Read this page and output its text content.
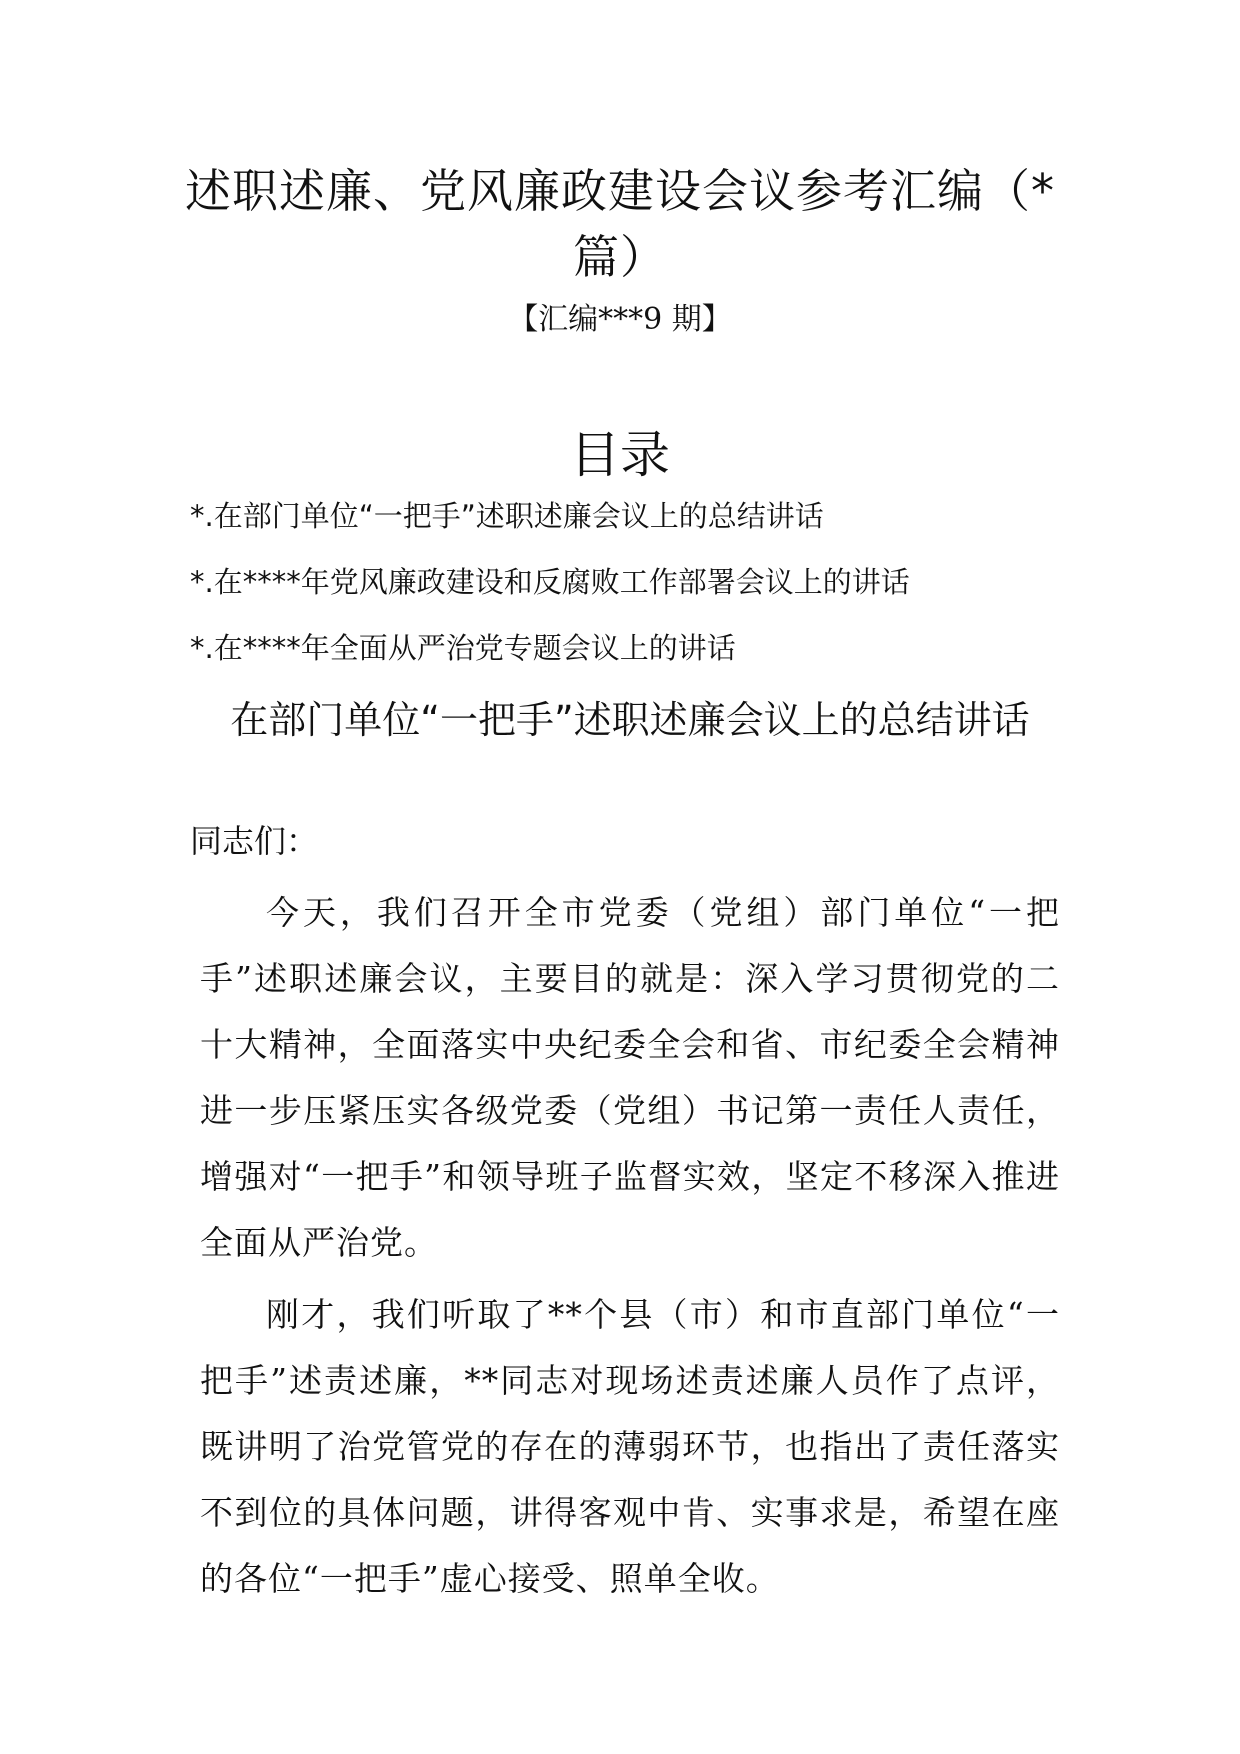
述职述廉、党风廉政建设会议参考汇编（*篇）
【汇编***9 期】
目录
*.在部门单位“一把手”述职述廉会议上的总结讲话
*.在****年党风廉政建设和反腐败工作部署会议上的讲话
*.在****年全面从严治党专题会议上的讲话
在部门单位“一把手”述职述廉会议上的总结讲话
同志们：

今天，我们召开全市党委（党组）部门单位“一把手”述职述廉会议，主要目的就是：深入学习贯彻党的二十大精神，全面落实中央纪委全会和省、市纪委全会精神进一步压紧压实各级党委（党组）书记第一责任人责任，增强对“一把手”和领导班子监督实效，坚定不移深入推进全面从严治党。

刚才，我们听取了**个县（市）和市直部门单位“一把手”述责述廉，**同志对现场述责述廉人员作了点评，既讲明了治党管党的存在的薄弱环节，也指出了责任落实不到位的具体问题，讲得客观中肯、实事求是，希望在座的各位“一把手”虚心接受、照单全收。
